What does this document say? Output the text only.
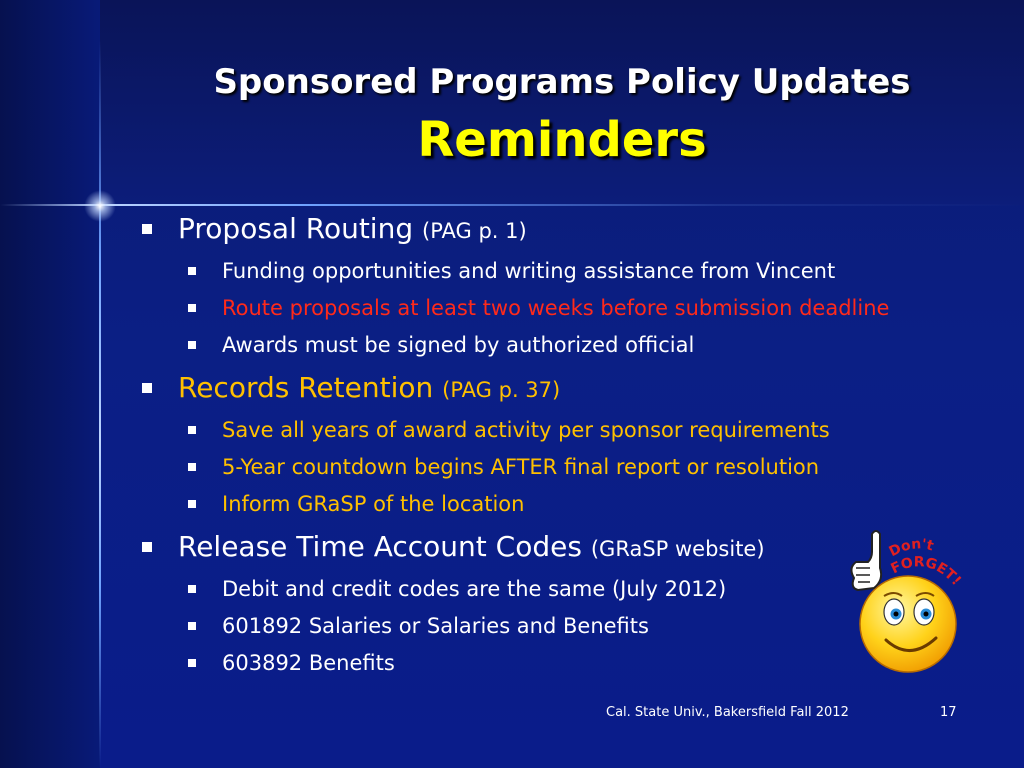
Sponsored Programs Policy Updates
Reminders
Proposal Routing (PAG p. 1)
Funding opportunities and writing assistance from Vincent
Route proposals at least two weeks before submission deadline
Awards must be signed by authorized official
Records Retention (PAG p. 37)
Save all years of award activity per sponsor requirements
5-Year countdown begins AFTER final report or resolution
Inform GRaSP of the location
Release Time Account Codes (GRaSP website)
Debit and credit codes are the same (July 2012)
601892 Salaries or Salaries and Benefits
603892 Benefits
Don't
FORGET!
Cal. State Univ., Bakersfield Fall 2012	17
